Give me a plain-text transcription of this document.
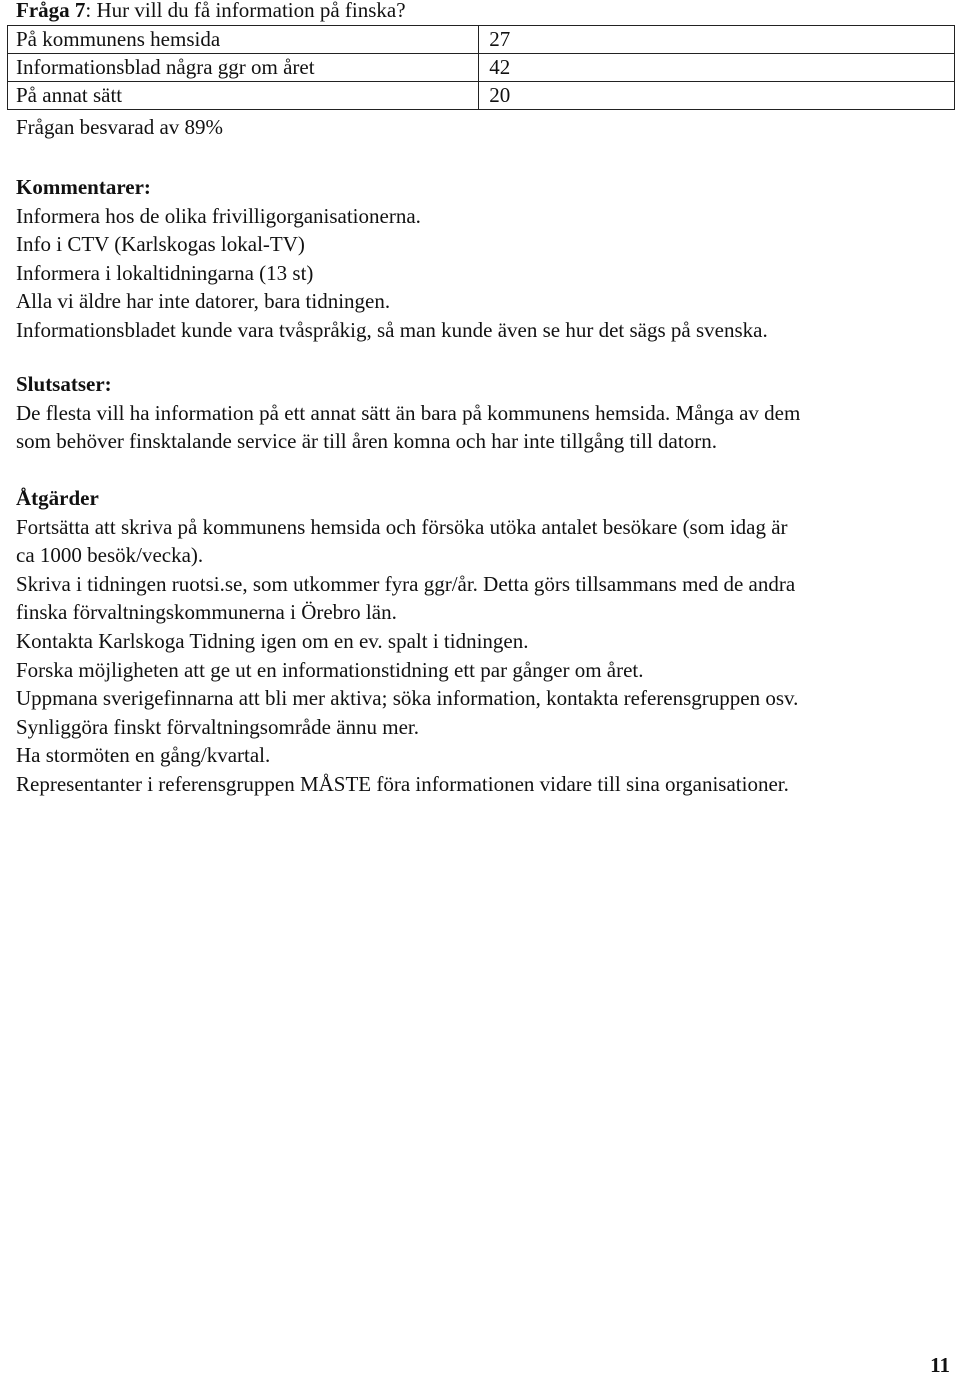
Fråga 7: Hur vill du få information på finska?
På kommunens hemsida	27
Informationsblad några ggr om året	42
På annat sätt	20
Frågan besvarad av 89%
Kommentarer:
Informera hos de olika frivilligorganisationerna.
Info i CTV (Karlskogas lokal-TV)
Informera i lokaltidningarna (13 st)
Alla vi äldre har inte datorer, bara tidningen.
Informationsbladet kunde vara tvåspråkig, så man kunde även se hur det sägs på svenska.
Slutsatser:
De flesta vill ha information på ett annat sätt än bara på kommunens hemsida. Många av dem
som behöver finsktalande service är till åren komna och har inte tillgång till datorn.
Åtgärder
Fortsätta att skriva på kommunens hemsida och försöka utöka antalet besökare (som idag är
ca 1000 besök/vecka).
Skriva i tidningen ruotsi.se, som utkommer fyra ggr/år. Detta görs tillsammans med de andra
finska förvaltningskommunerna i Örebro län.
Kontakta Karlskoga Tidning igen om en ev. spalt i tidningen.
Forska möjligheten att ge ut en informationstidning ett par gånger om året.
Uppmana sverigefinnarna att bli mer aktiva; söka information, kontakta referensgruppen osv.
Synliggöra finskt förvaltningsområde ännu mer.
Ha stormöten en gång/kvartal.
Representanter i referensgruppen MÅSTE föra informationen vidare till sina organisationer.
11
